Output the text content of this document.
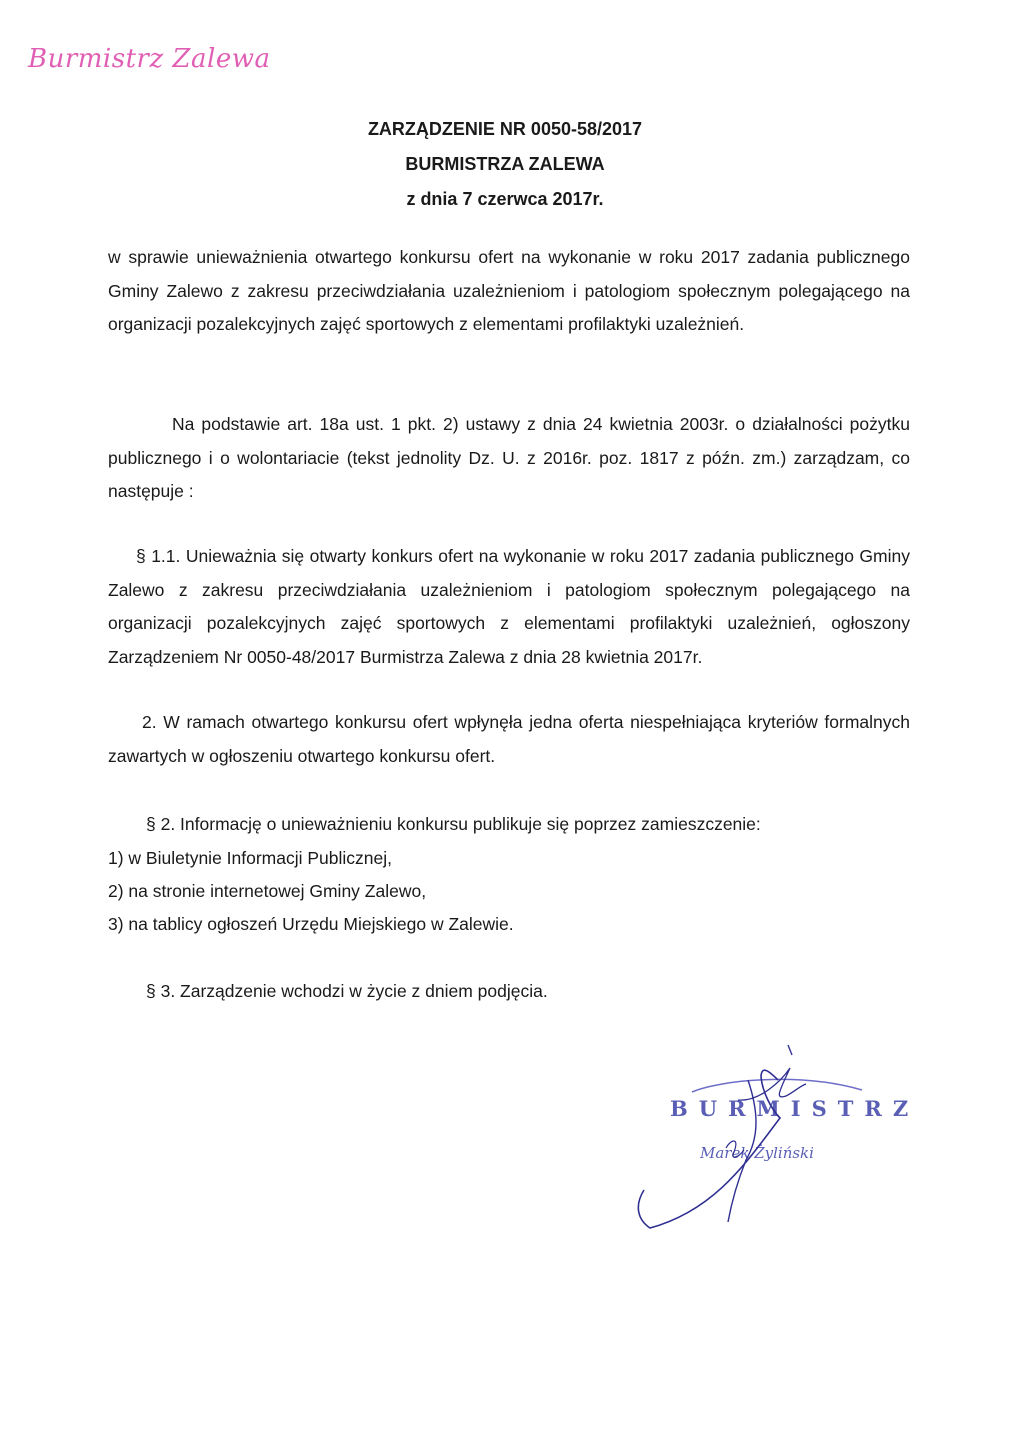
Burmistrz Zalewa
ZARZĄDZENIE NR 0050-58/2017
BURMISTRZA ZALEWA
z dnia 7 czerwca 2017r.

w sprawie unieważnienia otwartego konkursu ofert na wykonanie w roku 2017 zadania publicznego Gminy Zalewo z zakresu przeciwdziałania uzależnieniom i patologiom społecznym polegającego na organizacji pozalekcyjnych zajęć sportowych z elementami profilaktyki uzależnień.

Na podstawie art. 18a ust. 1 pkt. 2) ustawy z dnia 24 kwietnia 2003r. o działalności pożytku publicznego i o wolontariacie (tekst jednolity Dz. U. z 2016r. poz. 1817 z późn. zm.) zarządzam, co następuje :

§ 1.1. Unieważnia się otwarty konkurs ofert na wykonanie w roku 2017 zadania publicznego Gminy Zalewo z zakresu przeciwdziałania uzależnieniom i patologiom społecznym polegającego na organizacji pozalekcyjnych zajęć sportowych z elementami profilaktyki uzależnień, ogłoszony Zarządzeniem Nr 0050-48/2017 Burmistrza Zalewa z dnia 28 kwietnia 2017r.

2. W ramach otwartego konkursu ofert wpłynęła jedna oferta niespełniająca kryteriów formalnych zawartych w ogłoszeniu otwartego konkursu ofert.

§ 2. Informację o unieważnieniu konkursu publikuje się poprzez zamieszczenie:
1) w Biuletynie Informacji Publicznej,
2) na stronie internetowej Gminy Zalewo,
3) na tablicy ogłoszeń Urzędu Miejskiego w Zalewie.
§ 3. Zarządzenie wchodzi w życie z dniem podjęcia.
BURMISTRZ
Marek Żyliński
